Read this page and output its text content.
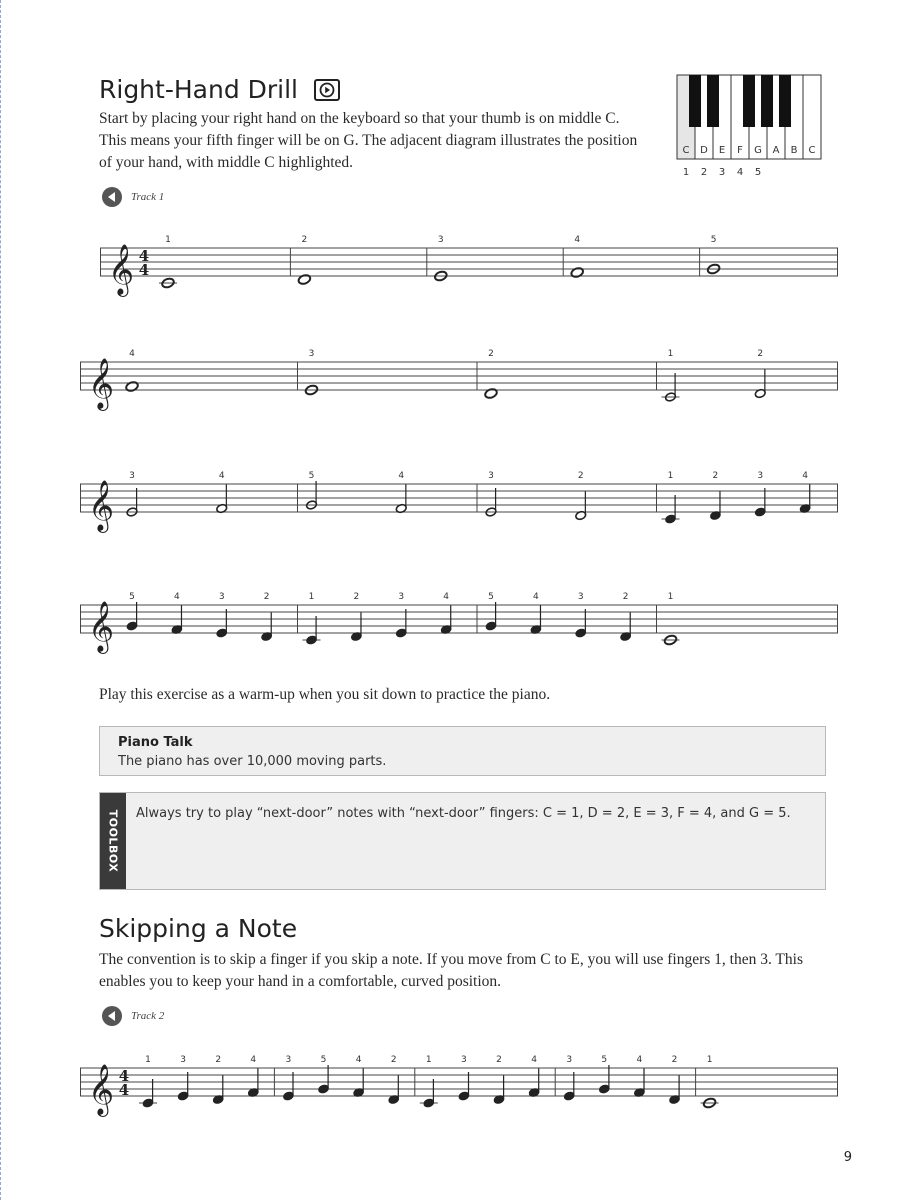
Right-Hand Drill
Start by placing your right hand on the keyboard so that your thumb is on middle C.
This means your fifth finger will be on G. The adjacent diagram illustrates the position
of your hand, with middle C highlighted.
C D E F G A B C
1 2 3 4 5
Track 1
𝄞 4
4
1	2	3	4	5
𝄞
4	3	2	1	2
𝄞
3	4	5	4	3	2	1	2	3	4
𝄞
5	4	3	2	1	2	3	4	5	4	3	2	1
Play this exercise as a warm-up when you sit down to practice the piano.
Piano Talk
The piano has over 10,000 moving parts.
TOOLBOX Always try to play “next-door” notes with “next-door” fingers: C = 1, D = 2, E = 3, F = 4, and G = 5.
Skipping a Note
The convention is to skip a finger if you skip a note. If you move from C to E, you will use fingers 1, then 3. This
enables you to keep your hand in a comfortable, curved position.
Track 2
𝄞 4
4
1	3	2	4	3	5	4	2	1	3	2	4	3	5	4	2	1
9
